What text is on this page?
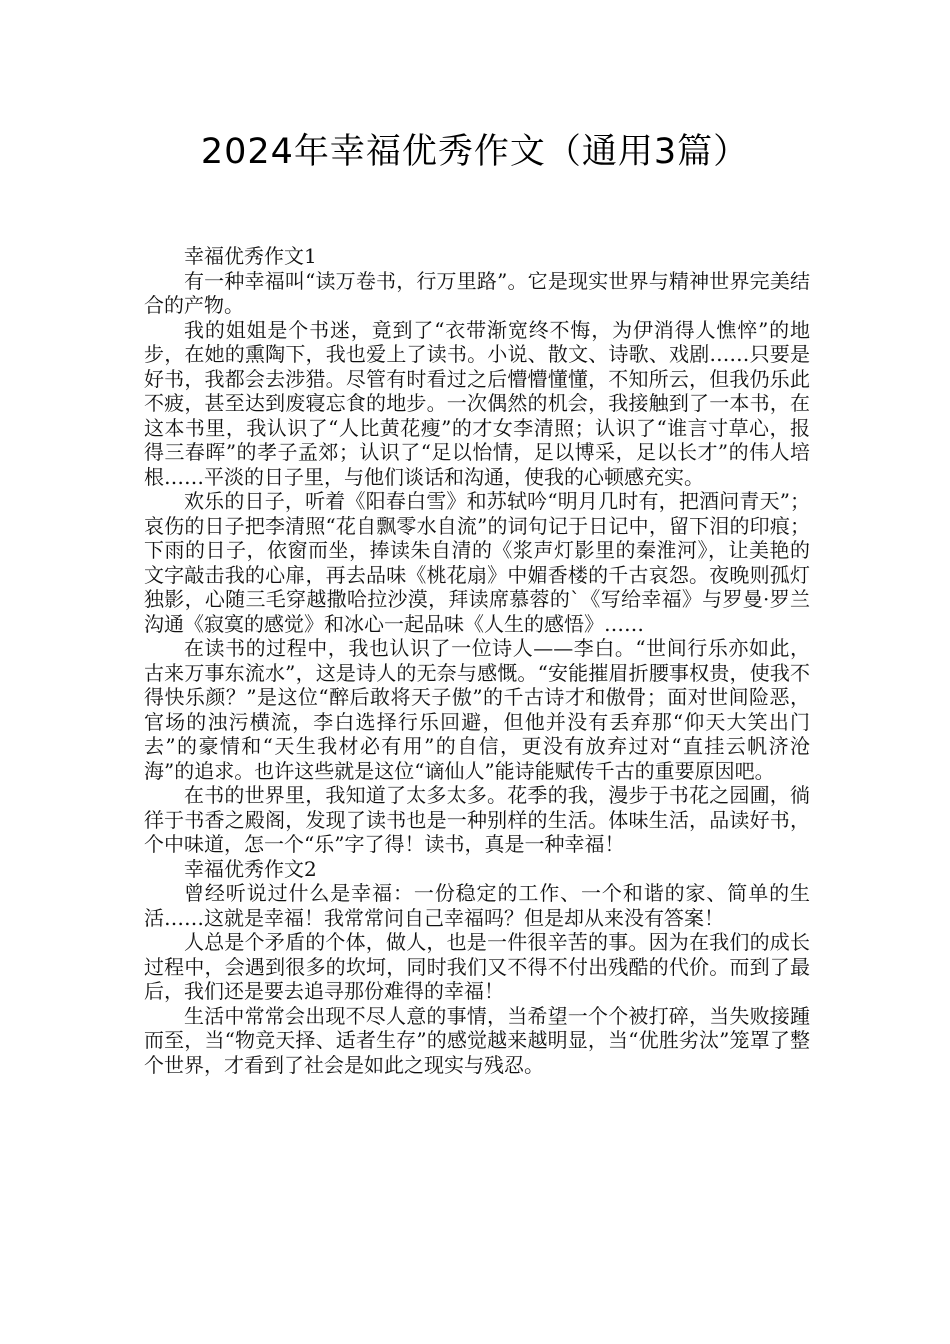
2024年幸福优秀作文（通用3篇）

幸福优秀作文1

有一种幸福叫“读万卷书，行万里路”。它是现实世界与精神世界完美结合的产物。

我的姐姐是个书迷，竟到了“衣带渐宽终不悔，为伊消得人憔悴”的地步，在她的熏陶下，我也爱上了读书。小说、散文、诗歌、戏剧……只要是好书，我都会去涉猎。尽管有时看过之后懵懵懂懂，不知所云，但我仍乐此不疲，甚至达到废寝忘食的地步。一次偶然的机会，我接触到了一本书，在这本书里，我认识了“人比黄花瘦”的才女李清照；认识了“谁言寸草心，报得三春晖”的孝子孟郊；认识了“足以怡情，足以博采，足以长才”的伟人培根……平淡的日子里，与他们谈话和沟通，使我的心顿感充实。

欢乐的日子，听着《阳春白雪》和苏轼吟“明月几时有，把酒问青天”；哀伤的日子把李清照“花自飘零水自流”的词句记于日记中，留下泪的印痕；下雨的日子，依窗而坐，捧读朱自清的《浆声灯影里的秦淮河》，让美艳的文字敲击我的心扉，再去品味《桃花扇》中媚香楼的千古哀怨。夜晚则孤灯独影，心随三毛穿越撒哈拉沙漠，拜读席慕蓉的`《写给幸福》与罗曼·罗兰沟通《寂寞的感觉》和冰心一起品味《人生的感悟》……

在读书的过程中，我也认识了一位诗人——李白。“世间行乐亦如此，古来万事东流水”，这是诗人的无奈与感慨。“安能摧眉折腰事权贵，使我不得快乐颜？”是这位“醉后敢将天子傲”的千古诗才和傲骨；面对世间险恶，官场的浊污横流，李白选择行乐回避，但他并没有丢弃那“仰天大笑出门去”的豪情和“天生我材必有用”的自信，更没有放弃过对“直挂云帆济沧海”的追求。也许这些就是这位“谪仙人”能诗能赋传千古的重要原因吧。

在书的世界里，我知道了太多太多。花季的我，漫步于书花之园圃，徜徉于书香之殿阁，发现了读书也是一种别样的生活。体味生活，品读好书，个中味道，怎一个“乐”字了得！读书，真是一种幸福！

幸福优秀作文2

曾经听说过什么是幸福：一份稳定的工作、一个和谐的家、简单的生活……这就是幸福！我常常问自己幸福吗？但是却从来没有答案！

人总是个矛盾的个体，做人，也是一件很辛苦的事。因为在我们的成长过程中，会遇到很多的坎坷，同时我们又不得不付出残酷的代价。而到了最后，我们还是要去追寻那份难得的幸福！

生活中常常会出现不尽人意的事情，当希望一个个被打碎，当失败接踵而至，当“物竞天择、适者生存”的感觉越来越明显，当“优胜劣汰”笼罩了整个世界，才看到了社会是如此之现实与残忍。
